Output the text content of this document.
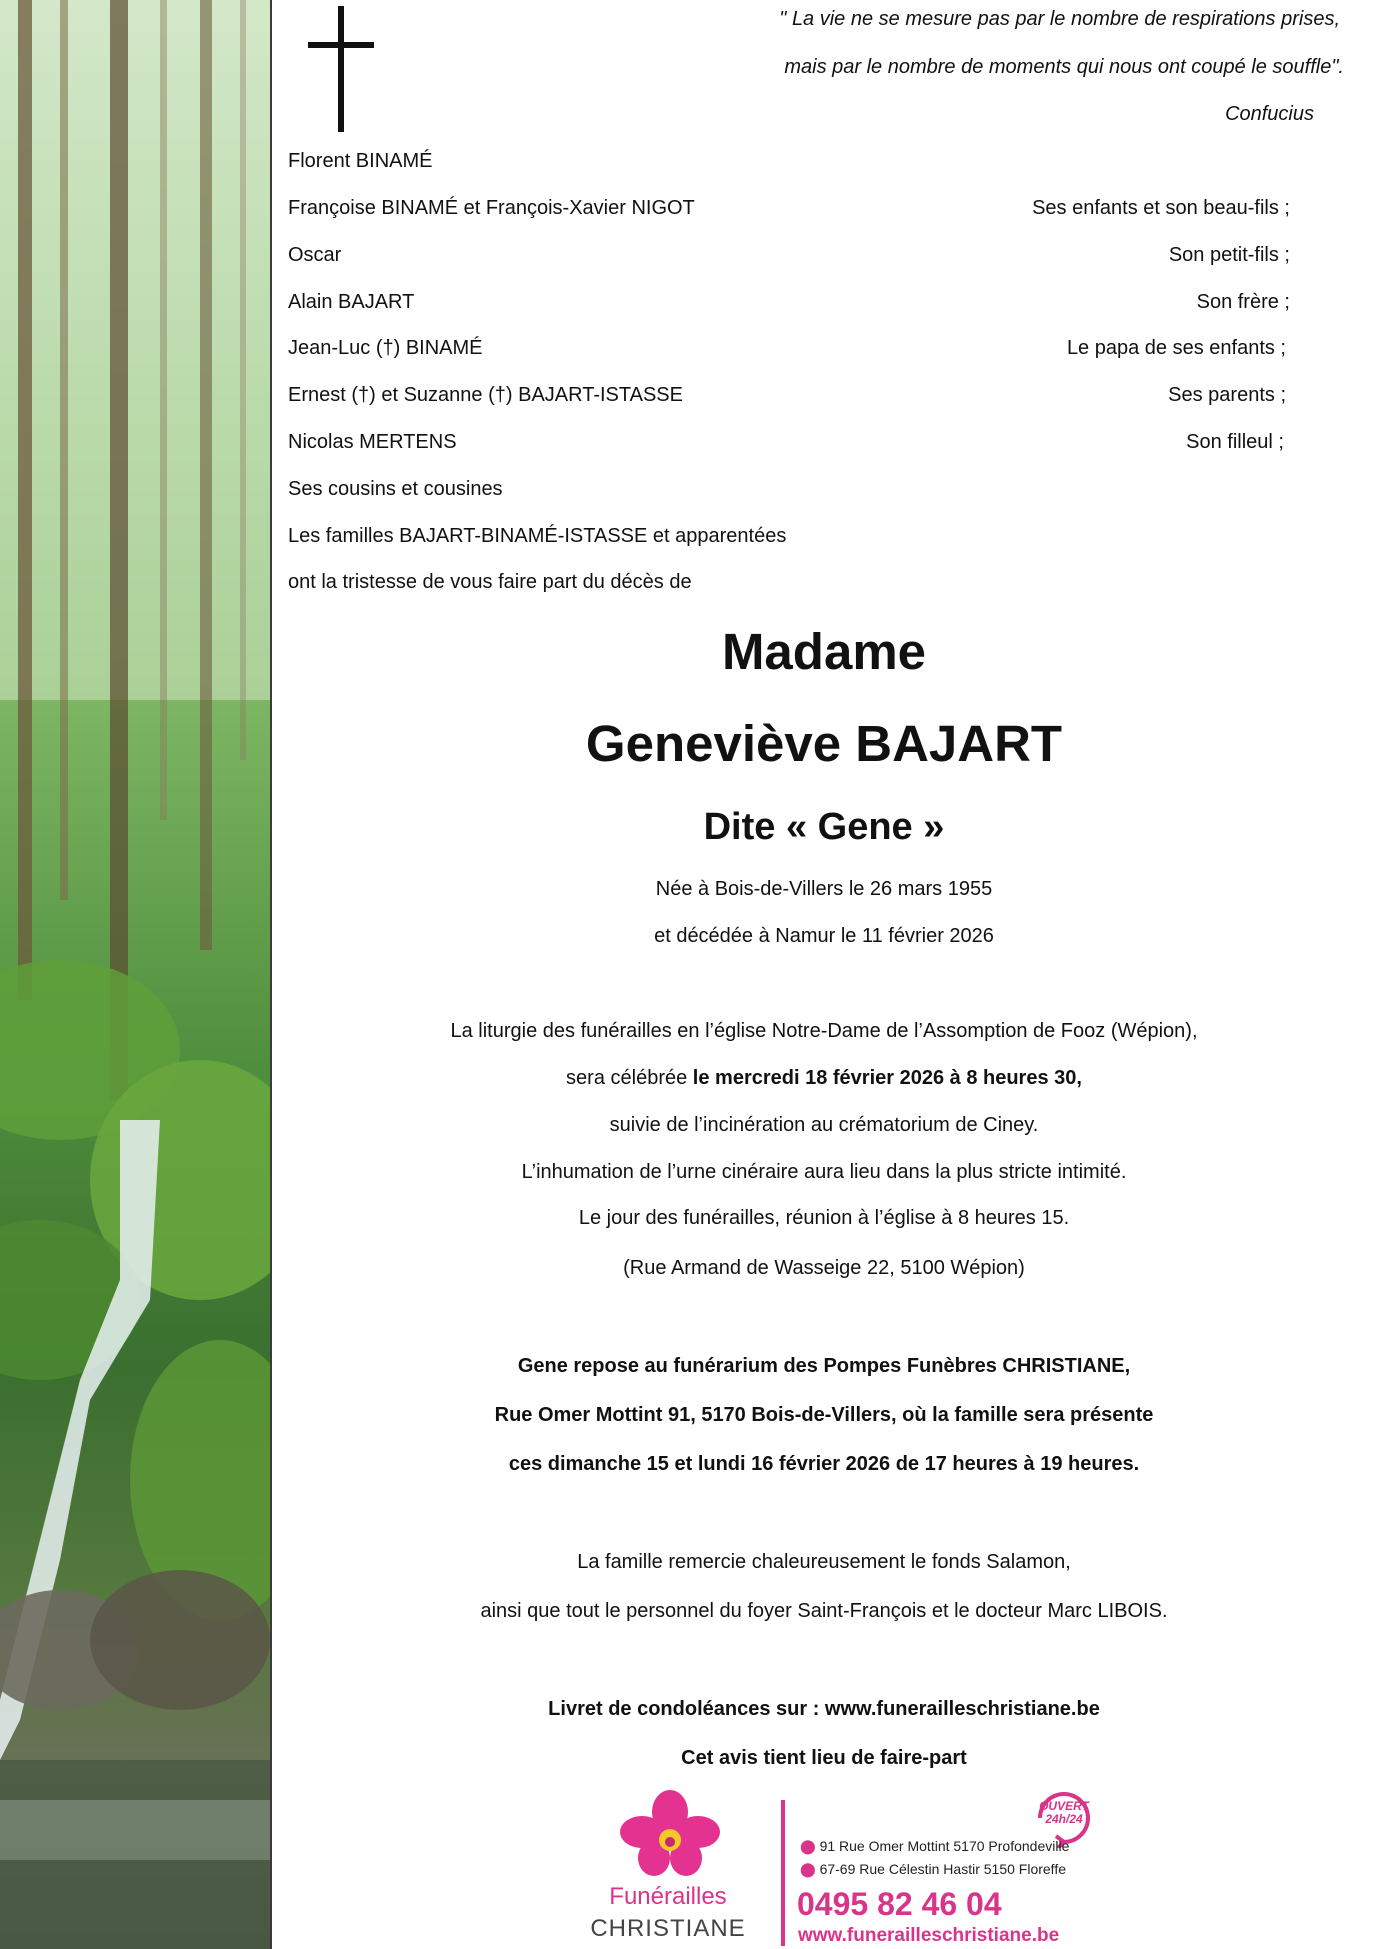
" La vie ne se mesure pas par le nombre de respirations prises,
mais par le nombre de moments qui nous ont coupé le souffle".
Confucius
Florent BINAMÉ
Françoise BINAMÉ et François-Xavier NIGOT	Ses enfants et son beau-fils ;
Oscar	Son petit-fils ;
Alain BAJART	Son frère ;
Jean-Luc (†) BINAMÉ	Le papa de ses enfants ;
Ernest (†) et Suzanne (†) BAJART-ISTASSE	Ses parents ;
Nicolas MERTENS	Son filleul ;
Ses cousins et cousines
Les familles BAJART-BINAMÉ-ISTASSE et apparentées
ont la tristesse de vous faire part du décès de
Madame
Geneviève BAJART
Dite « Gene »
Née à Bois-de-Villers le 26 mars 1955
et décédée à Namur le 11 février 2026
La liturgie des funérailles en l’église Notre-Dame de l’Assomption de Fooz (Wépion),
sera célébrée le mercredi 18 février 2026 à 8 heures 30,
suivie de l’incinération au crématorium de Ciney.
L’inhumation de l’urne cinéraire aura lieu dans la plus stricte intimité.
Le jour des funérailles, réunion à l’église à 8 heures 15.
(Rue Armand de Wasseige 22, 5100 Wépion)
Gene repose au funérarium des Pompes Funèbres CHRISTIANE,
Rue Omer Mottint 91, 5170 Bois-de-Villers, où la famille sera présente
ces dimanche 15 et lundi 16 février 2026 de 17 heures à 19 heures.
La famille remercie chaleureusement le fonds Salamon,
ainsi que tout le personnel du foyer Saint-François et le docteur Marc LIBOIS.
Livret de condoléances sur : www.funerailleschristiane.be
Cet avis tient lieu de faire-part
Funérailles
CHRISTIANE
OUVERT
24h/24
⬤ 91 Rue Omer Mottint 5170 Profondeville
⬤ 67-69 Rue Célestin Hastir 5150 Floreffe
0495 82 46 04
www.funerailleschristiane.be
